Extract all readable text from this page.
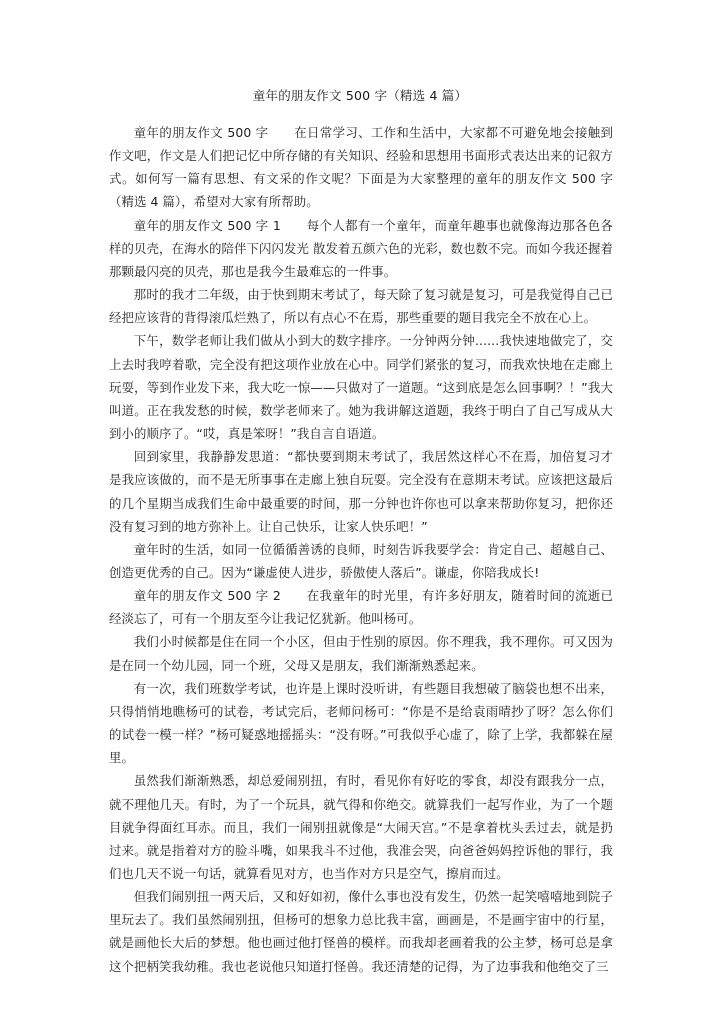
童年的朋友作文 500 字（精选 4 篇）

童年的朋友作文 500 字 在日常学习、工作和生活中，大家都不可避免地会接触到作文吧，作文是人们把记忆中所存储的有关知识、经验和思想用书面形式表达出来的记叙方式。如何写一篇有思想、有文采的作文呢？下面是为大家整理的童年的朋友作文 500 字（精选 4 篇），希望对大家有所帮助。

童年的朋友作文 500 字 1 每个人都有一个童年，而童年趣事也就像海边那各色各样的贝壳，在海水的陪伴下闪闪发光 散发着五颜六色的光彩，数也数不完。而如今我还握着那颗最闪亮的贝壳，那也是我今生最难忘的一件事。

那时的我才二年级，由于快到期末考试了，每天除了复习就是复习，可是我觉得自己已经把应该背的背得滚瓜烂熟了，所以有点心不在焉，那些重要的题目我完全不放在心上。

下午，数学老师让我们做从小到大的数字排序。一分钟两分钟......我快速地做完了，交上去时我哼着歌，完全没有把这项作业放在心中。同学们紧张的复习，而我欢快地在走廊上玩耍，等到作业发下来，我大吃一惊——只做对了一道题。“这到底是怎么回事啊？！”我大叫道。正在我发愁的时候，数学老师来了。她为我讲解这道题，我终于明白了自己写成从大到小的顺序了。“哎，真是笨呀！”我自言自语道。

回到家里，我静静发思道：“都快要到期末考试了，我居然这样心不在焉，加倍复习才是我应该做的，而不是无所事事在走廊上独自玩耍。完全没有在意期末考试。应该把这最后的几个星期当成我们生命中最重要的时间，那一分钟也许你也可以拿来帮助你复习，把你还没有复习到的地方弥补上。让自己快乐，让家人快乐吧！”

童年时的生活，如同一位循循善诱的良师，时刻告诉我要学会：肯定自己、超越自己、创造更优秀的自己。因为“谦虚使人进步，骄傲使人落后”。谦虚，你陪我成长!

童年的朋友作文 500 字 2 在我童年的时光里，有许多好朋友，随着时间的流逝已经淡忘了，可有一个朋友至今让我记忆犹新。他叫杨可。

我们小时候都是住在同一个小区，但由于性别的原因。你不理我，我不理你。可又因为是在同一个幼儿园，同一个班，父母又是朋友，我们渐渐熟悉起来。

有一次，我们班数学考试，也许是上课时没听讲，有些题目我想破了脑袋也想不出来，只得悄悄地瞧杨可的试卷，考试完后，老师问杨可：“你是不是给袁雨晴抄了呀？怎么你们的试卷一模一样？”杨可疑惑地摇摇头：“没有呀。”可我似乎心虚了，除了上学，我都躲在屋里。

虽然我们渐渐熟悉，却总爱闹别扭，有时，看见你有好吃的零食，却没有跟我分一点，就不理他几天。有时，为了一个玩具，就气得和你绝交。就算我们一起写作业，为了一个题目就争得面红耳赤。而且，我们一闹别扭就像是“大闹天宫。”不是拿着枕头丢过去，就是扔过来。就是指着对方的脸斗嘴，如果我斗不过他，我准会哭，向爸爸妈妈控诉他的罪行，我们也几天不说一句话，就算看见对方，也当作对方只是空气，擦肩而过。

但我们闹别扭一两天后，又和好如初，像什么事也没有发生，仍然一起笑嘻嘻地到院子里玩去了。我们虽然闹别扭，但杨可的想象力总比我丰富，画画是，不是画宇宙中的行星，就是画他长大后的梦想。他也画过他打怪兽的模样。而我却老画着我的公主梦，杨可总是拿这个把柄笑我幼稚。我也老说他只知道打怪兽。我还清楚的记得，为了边事我和他绝交了三
